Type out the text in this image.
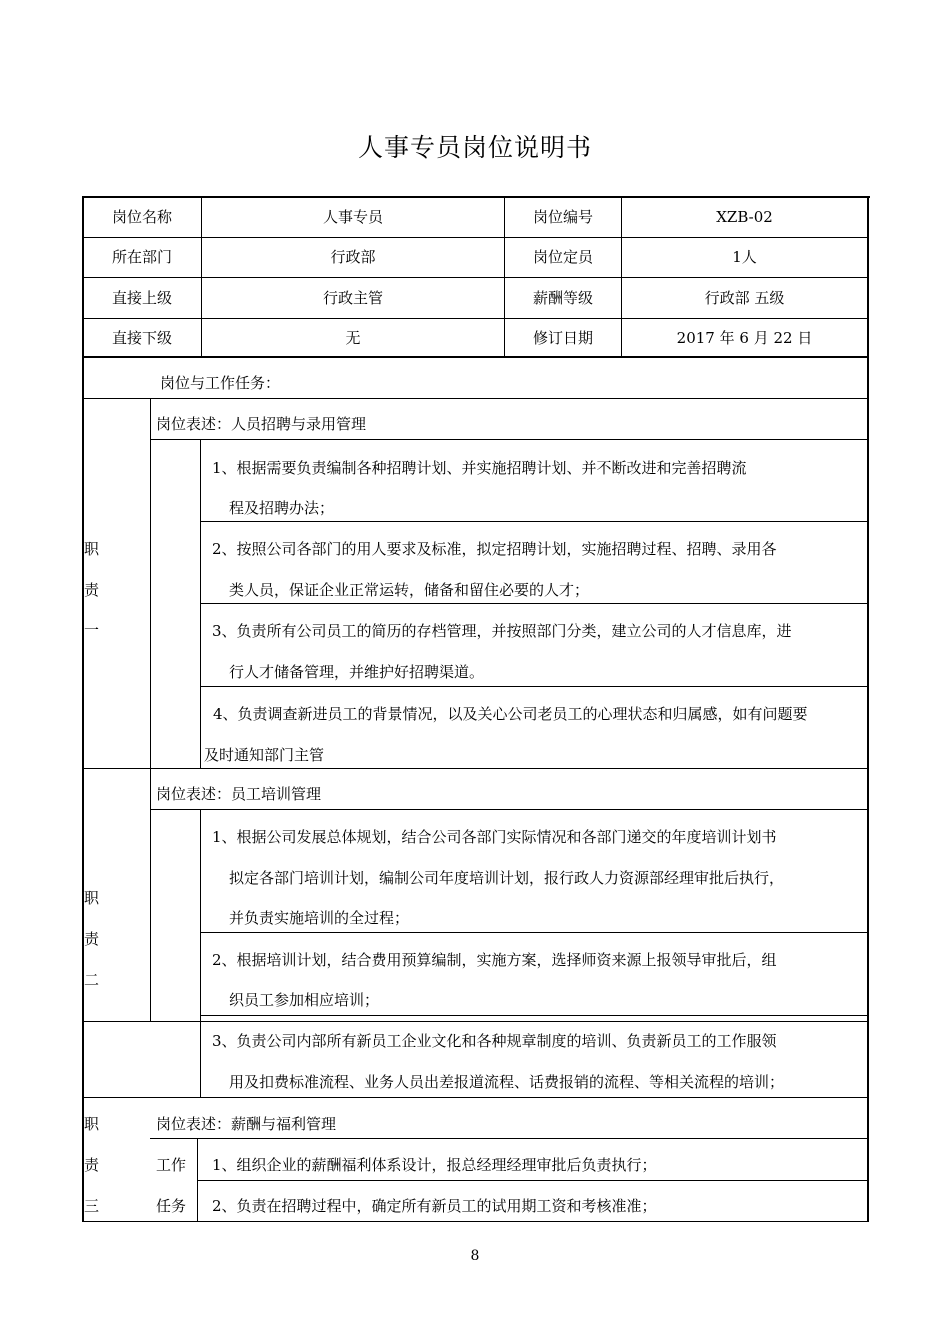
人事专员岗位说明书
岗位名称	人事专员	岗位编号	XZB-02
所在部门	行政部	岗位定员	1人
直接上级	行政主管	薪酬等级	行政部 五级
直接下级	无	修订日期	2017 年 6 月 22 日
岗位与工作任务：
职
责
一
岗位表述：人员招聘与录用管理
1、根据需要负责编制各种招聘计划、并实施招聘计划、并不断改进和完善招聘流
程及招聘办法；
2、按照公司各部门的用人要求及标准，拟定招聘计划，实施招聘过程、招聘、录用各
类人员，保证企业正常运转，储备和留住必要的人才；
3、负责所有公司员工的简历的存档管理，并按照部门分类，建立公司的人才信息库，进
行人才储备管理，并维护好招聘渠道。
4、负责调查新进员工的背景情况，以及关心公司老员工的心理状态和归属感，如有问题要
及时通知部门主管
职
责
二
岗位表述：员工培训管理
1、根据公司发展总体规划，结合公司各部门实际情况和各部门递交的年度培训计划书
拟定各部门培训计划，编制公司年度培训计划，报行政人力资源部经理审批后执行，
并负责实施培训的全过程；
2、根据培训计划，结合费用预算编制，实施方案，选择师资来源上报领导审批后，组
织员工参加相应培训；
3、负责公司内部所有新员工企业文化和各种规章制度的培训、负责新员工的工作服领
用及扣费标准流程、业务人员出差报道流程、话费报销的流程、等相关流程的培训；
职
责
三
岗位表述：薪酬与福利管理
工作
任务
1、组织企业的薪酬福利体系设计，报总经理经理审批后负责执行；
2、负责在招聘过程中，确定所有新员工的试用期工资和考核准准；
8
